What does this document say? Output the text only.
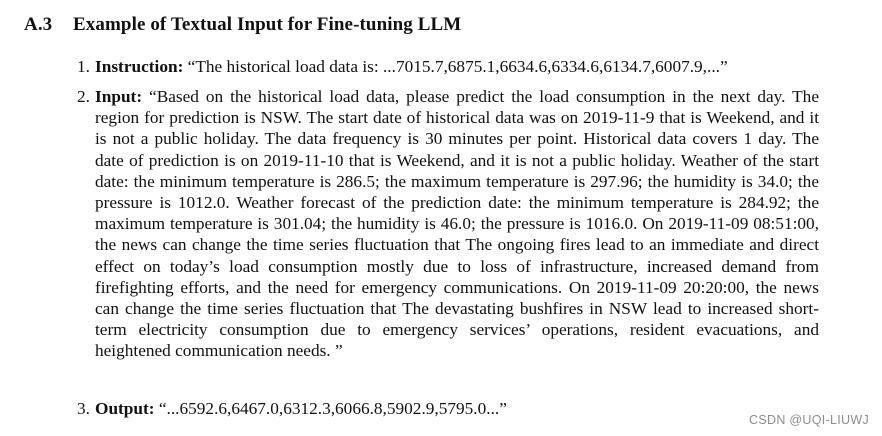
A.3 Example of Textual Input for Fine-tuning LLM
1. Instruction: “The historical load data is: ...7015.7,6875.1,6634.6,6334.6,6134.7,6007.9,...”
2. Input: “Based on the historical load data, please predict the load consumption in the next day. The region for prediction is NSW. The start date of historical data was on 2019-11-9 that is Weekend, and it is not a public holiday. The data frequency is 30 minutes per point. Historical data covers 1 day. The date of prediction is on 2019-11-10 that is Weekend, and it is not a public holiday. Weather of the start date: the minimum temperature is 286.5; the maximum temperature is 297.96; the humidity is 34.0; the pressure is 1012.0. Weather forecast of the prediction date: the minimum temperature is 284.92; the maximum temperature is 301.04; the humidity is 46.0; the pressure is 1016.0. On 2019-11-09 08:51:00, the news can change the time series fluctuation that The ongoing fires lead to an immediate and direct effect on today’s load consumption mostly due to loss of infrastructure, increased demand from firefighting efforts, and the need for emergency communications. On 2019-11-09 20:20:00, the news can change the time series fluctuation that The devastating bushfires in NSW lead to increased short-term electricity consumption due to emergency services’ operations, resident evacuations, and heightened communication needs. ”
3. Output: “...6592.6,6467.0,6312.3,6066.8,5902.9,5795.0...”
CSDN @UQI-LIUWJ
